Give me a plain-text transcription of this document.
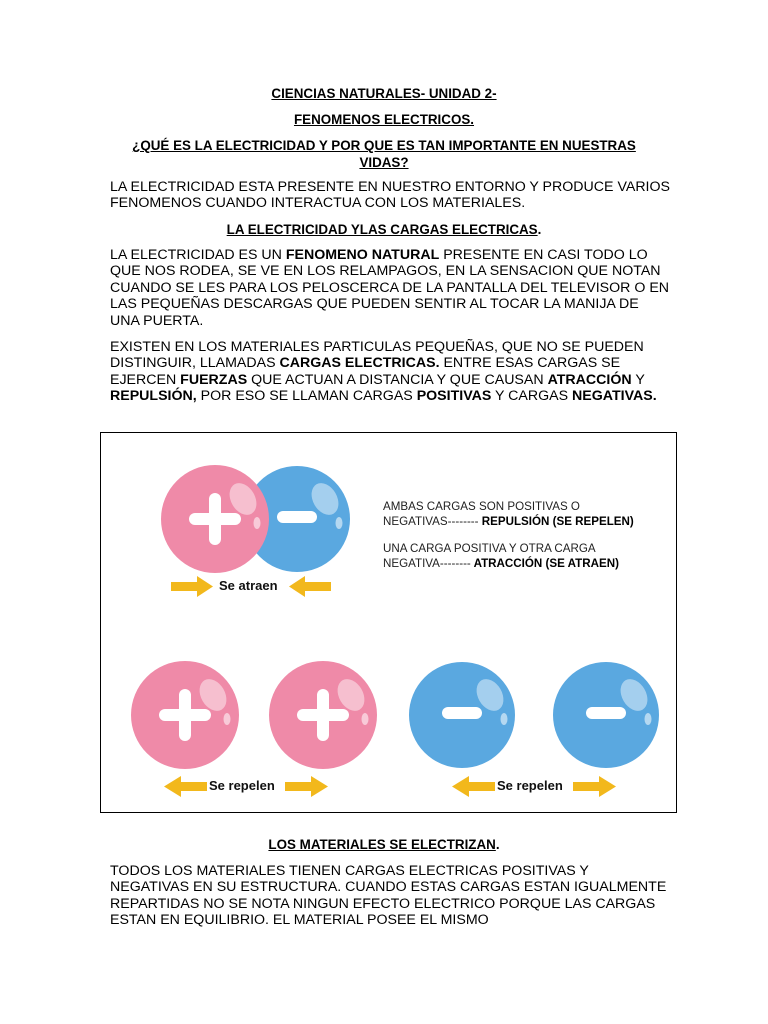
CIENCIAS NATURALES- UNIDAD 2-
FENOMENOS ELECTRICOS.
¿QUÉ ES LA ELECTRICIDAD Y POR QUE ES TAN IMPORTANTE EN NUESTRAS VIDAS?

LA ELECTRICIDAD ESTA PRESENTE EN NUESTRO ENTORNO Y PRODUCE VARIOS FENOMENOS CUANDO INTERACTUA CON LOS MATERIALES.

LA ELECTRICIDAD YLAS CARGAS ELECTRICAS.

LA ELECTRICIDAD ES UN FENOMENO NATURAL PRESENTE EN CASI TODO LO QUE NOS RODEA, SE VE EN LOS RELAMPAGOS, EN LA SENSACION QUE NOTAN CUANDO SE LES PARA LOS PELOSCERCA DE LA PANTALLA DEL TELEVISOR O EN LAS PEQUEÑAS DESCARGAS QUE PUEDEN SENTIR AL TOCAR LA MANIJA DE UNA PUERTA.

EXISTEN EN LOS MATERIALES PARTICULAS PEQUEÑAS, QUE NO SE PUEDEN DISTINGUIR, LLAMADAS CARGAS ELECTRICAS. ENTRE ESAS CARGAS SE EJERCEN FUERZAS QUE ACTUAN A DISTANCIA Y QUE CAUSAN ATRACCIÓN Y REPULSIÓN, POR ESO SE LLAMAN CARGAS POSITIVAS Y CARGAS NEGATIVAS.

Se atraen
Se repelen	Se repelen
AMBAS CARGAS SON POSITIVAS O
NEGATIVAS-------- REPULSIÓN (SE REPELEN)
UNA CARGA POSITIVA Y OTRA CARGA
NEGATIVA-------- ATRACCIÓN (SE ATRAEN)
LOS MATERIALES SE ELECTRIZAN.

TODOS LOS MATERIALES TIENEN CARGAS ELECTRICAS POSITIVAS Y NEGATIVAS EN SU ESTRUCTURA. CUANDO ESTAS CARGAS ESTAN IGUALMENTE REPARTIDAS NO SE NOTA NINGUN EFECTO ELECTRICO PORQUE LAS CARGAS ESTAN EN EQUILIBRIO. EL MATERIAL POSEE EL MISMO
